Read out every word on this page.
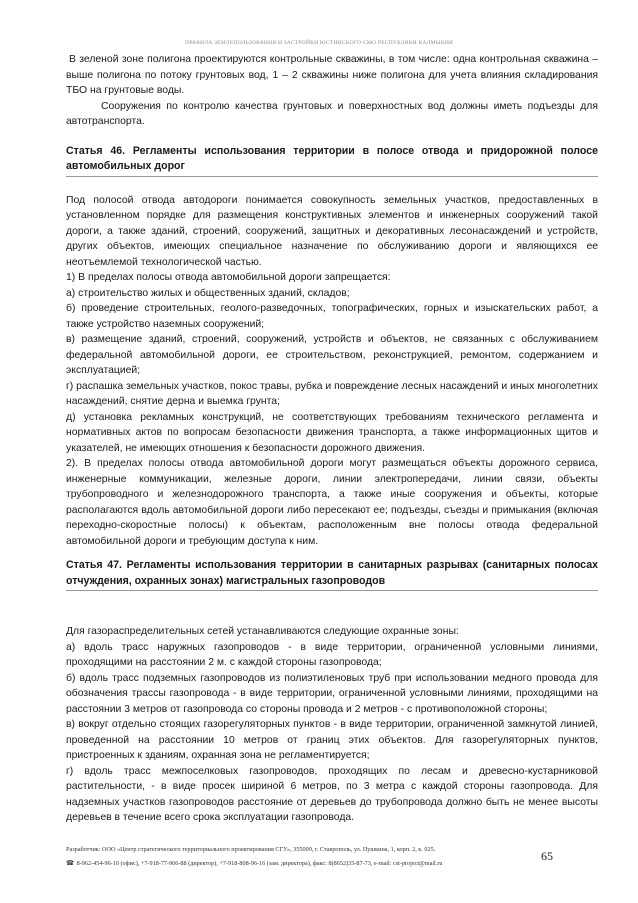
ПРАВИЛА ЗЕМЛЕПОЛЬЗОВАНИЯ И ЗАСТРОЙКИ ЮСТИНСКОГО СМО РЕСПУБЛИКИ КАЛМЫКИЯ

В зеленой зоне полигона проектируются контрольные скважины, в том числе: одна контрольная скважина – выше полигона по потоку грунтовых вод, 1 – 2 скважины ниже полигона для учета влияния складирования ТБО на грунтовые воды.

Сооружения по контролю качества грунтовых и поверхностных вод должны иметь подъезды для автотранспорта.

Статья 46. Регламенты использования территории в полосе отвода и придорожной полосе автомобильных дорог

Под полосой отвода автодороги понимается совокупность земельных участков, предоставленных в установленном порядке для размещения конструктивных элементов и инженерных сооружений такой дороги, а также зданий, строений, сооружений, защитных и декоративных лесонасаждений и устройств, других объектов, имеющих специальное назначение по обслуживанию дороги и являющихся ее неотъемлемой технологической частью.

1) В пределах полосы отвода автомобильной дороги запрещается:

а) строительство жилых и общественных зданий, складов;

б) проведение строительных, геолого-разведочных, топографических, горных и изыскательских работ, а также устройство наземных сооружений;

в) размещение зданий, строений, сооружений, устройств и объектов, не связанных с обслуживанием федеральной автомобильной дороги, ее строительством, реконструкцией, ремонтом, содержанием и эксплуатацией;

г) распашка земельных участков, покос травы, рубка и повреждение лесных насаждений и иных многолетних насаждений, снятие дерна и выемка грунта;

д) установка рекламных конструкций, не соответствующих требованиям технического регламента и нормативных актов по вопросам безопасности движения транспорта, а также информационных щитов и указателей, не имеющих отношения к безопасности дорожного движения.

2). В пределах полосы отвода автомобильной дороги могут размещаться объекты дорожного сервиса, инженерные коммуникации, железные дороги, линии электропередачи, линии связи, объекты трубопроводного и железнодорожного транспорта, а также иные сооружения и объекты, которые располагаются вдоль автомобильной дороги либо пересекают ее; подъезды, съезды и примыкания (включая переходно-скоростные полосы) к объектам, расположенным вне полосы отвода федеральной автомобильной дороги и требующим доступа к ним.

Статья 47. Регламенты использования территории в санитарных разрывах (санитарных полосах отчуждения, охранных зонах) магистральных газопроводов

Для газораспределительных сетей устанавливаются следующие охранные зоны:

а) вдоль трасс наружных газопроводов - в виде территории, ограниченной условными линиями, проходящими на расстоянии 2 м. с каждой стороны газопровода;

б) вдоль трасс подземных газопроводов из полиэтиленовых труб при использовании медного провода для обозначения трассы газопровода - в виде территории, ограниченной условными линиями, проходящими на расстоянии 3 метров от газопровода со стороны провода и 2 метров - с противоположной стороны;

в) вокруг отдельно стоящих газорегуляторных пунктов - в виде территории, ограниченной замкнутой линией, проведенной на расстоянии 10 метров от границ этих объектов. Для газорегуляторных пунктов, пристроенных к зданиям, охранная зона не регламентируется;

г) вдоль трасс межпоселковых газопроводов, проходящих по лесам и древесно-кустарниковой растительности, - в виде просек шириной 6 метров, по 3 метра с каждой стороны газопровода. Для надземных участков газопроводов расстояние от деревьев до трубопровода должно быть не менее высоты деревьев в течение всего срока эксплуатации газопровода.

Разработчик: ООО «Центр стратегического территориального проектирования СГУ», 355009, г. Ставрополь, ул. Пушкина, 1, корп. 2, к. 025.
☎ 8-962-454-96-10 (офис), +7-918-77-906-88 (директор), +7-918-808-96-16 (зам. директора), факс: 8(8652)35-87-73, e-mail: cst-project@mail.ru
65
